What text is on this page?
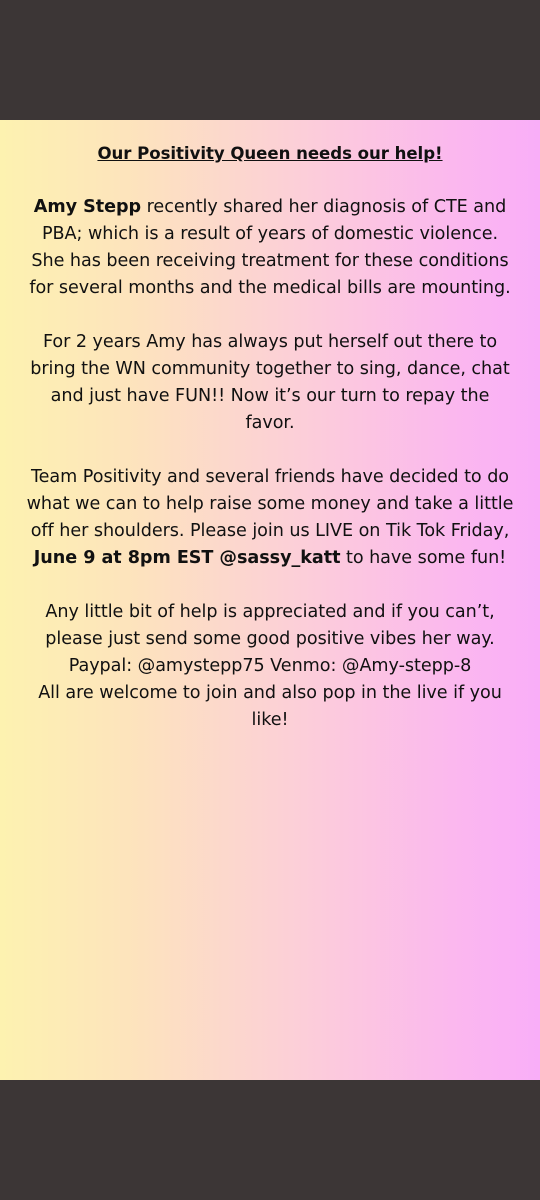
Our Positivity Queen needs our help!

Amy Stepp recently shared her diagnosis of CTE and
PBA; which is a result of years of domestic violence.
She has been receiving treatment for these conditions
for several months and the medical bills are mounting.

For 2 years Amy has always put herself out there to
bring the WN community together to sing, dance, chat
and just have FUN!! Now it’s our turn to repay the
favor.

Team Positivity and several friends have decided to do
what we can to help raise some money and take a little
off her shoulders. Please join us LIVE on Tik Tok Friday,
June 9 at 8pm EST @sassy_katt to have some fun!

Any little bit of help is appreciated and if you can’t,
please just send some good positive vibes her way.
Paypal: @amystepp75 Venmo: @Amy-stepp-8
All are welcome to join and also pop in the live if you
like!
